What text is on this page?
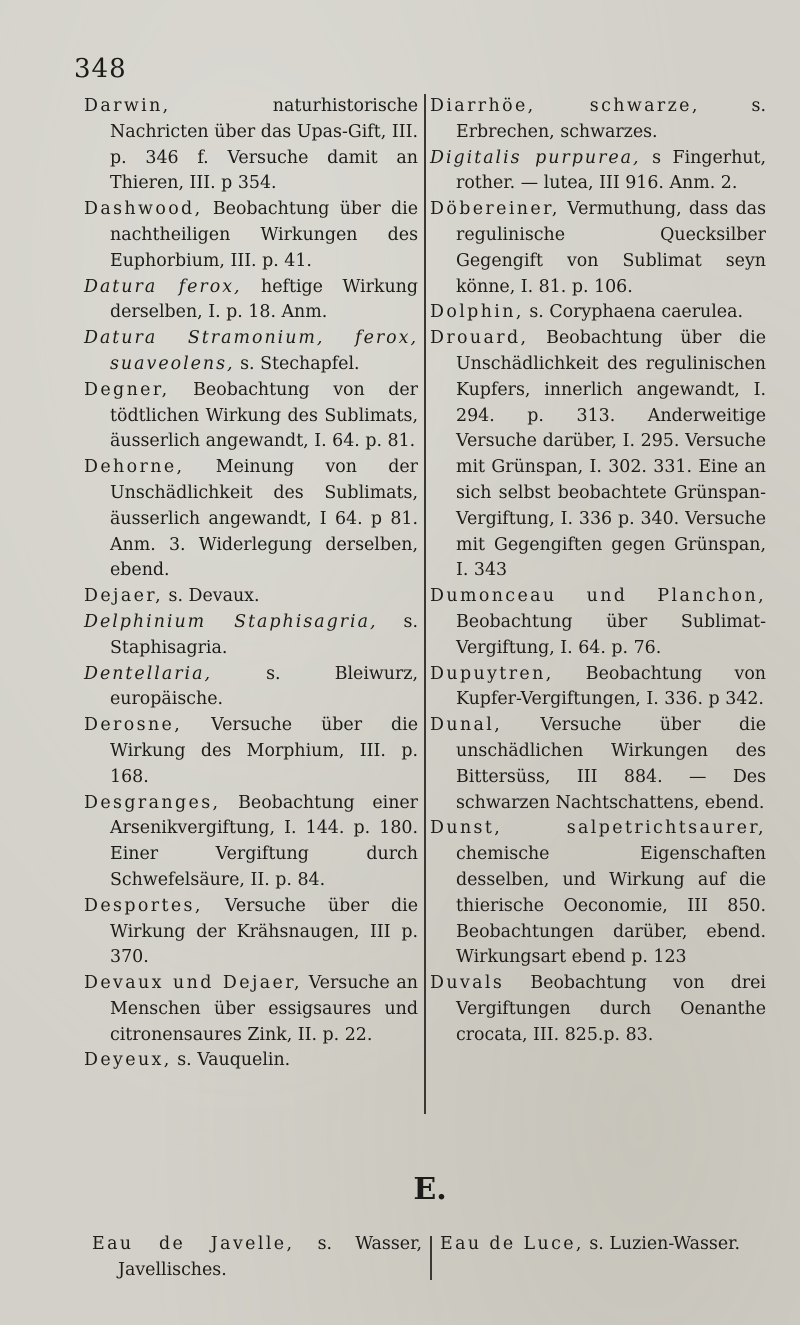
348
Darwin, naturhistorische Nachricten über das Upas-Gift, III. p. 346 f. Versuche damit an Thieren, III. p 354.
Dashwood, Beobachtung über die nachtheiligen Wirkungen des Euphorbium, III. p. 41.
Datura ferox, heftige Wirkung derselben, I. p. 18. Anm.
Datura Stramonium, ferox, suaveolens, s. Stechapfel.
Degner, Beobachtung von der tödtlichen Wirkung des Sublimats, äusserlich angewandt, I. 64. p. 81.
Dehorne, Meinung von der Unschädlichkeit des Sublimats, äusserlich angewandt, I 64. p 81. Anm. 3. Widerlegung derselben, ebend.
Dejaer, s. Devaux.
Delphinium Staphisagria, s. Staphisagria.
Dentellaria, s. Bleiwurz, europäische.
Derosne, Versuche über die Wirkung des Morphium, III. p. 168.
Desgranges, Beobachtung einer Arsenikvergiftung, I. 144. p. 180. Einer Vergiftung durch Schwefelsäure, II. p. 84.
Desportes, Versuche über die Wirkung der Krähsnaugen, III p. 370.
Devaux und Dejaer, Versuche an Menschen über essigsaures und citronensaures Zink, II. p. 22.
Deyeux, s. Vauquelin.
Diarrhöe, schwarze, s. Erbrechen, schwarzes.
Digitalis purpurea, s Fingerhut, rother. — lutea, III 916. Anm. 2.
Döbereiner, Vermuthung, dass das regulinische Quecksilber Gegengift von Sublimat seyn könne, I. 81. p. 106.
Dolphin, s. Coryphaena caerulea.
Drouard, Beobachtung über die Unschädlichkeit des regulinischen Kupfers, innerlich angewandt, I. 294. p. 313. Anderweitige Versuche darüber, I. 295. Versuche mit Grünspan, I. 302. 331. Eine an sich selbst beobachtete Grünspan-Vergiftung, I. 336 p. 340. Versuche mit Gegengiften gegen Grünspan, I. 343
Dumonceau und Planchon, Beobachtung über Sublimat-Vergiftung, I. 64. p. 76.
Dupuytren, Beobachtung von Kupfer-Vergiftungen, I. 336. p 342.
Dunal, Versuche über die unschädlichen Wirkungen des Bittersüss, III 884. — Des schwarzen Nachtschattens, ebend.
Dunst, salpetrichtsaurer, chemische Eigenschaften desselben, und Wirkung auf die thierische Oeconomie, III 850. Beobachtungen darüber, ebend. Wirkungsart ebend p. 123
Duvals Beobachtung von drei Vergiftungen durch Oenanthe crocata, III. 825.p. 83.
E.
Eau de Javelle, s. Wasser, Javellisches.
Eau de Luce, s. Luzien-Wasser.
